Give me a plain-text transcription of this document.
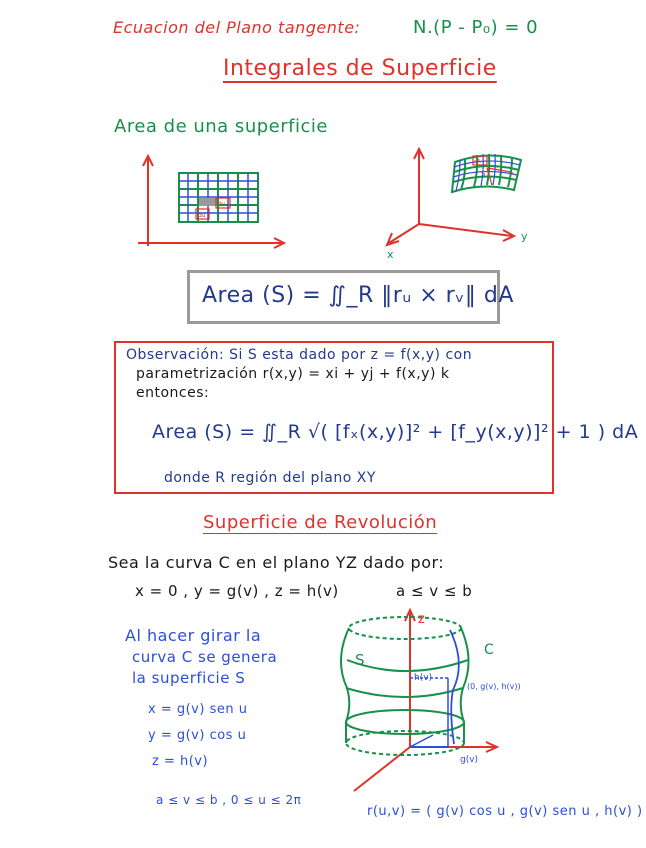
Ecuacion del Plano tangente:	N.(P - P₀) = 0
Integrales de Superficie
Area de una superficie
du
dv
x
y
dA
S	rᵤ
z
S
C
h(v)
(0, g(v), h(v))
g(v)
Area (S) = ∬_R ‖rᵤ × rᵥ‖ dA
Observación: Si S esta dado por z = f(x,y) con
parametrización r(x,y) = xi + yj + f(x,y) k
entonces:
Area (S) = ∬_R √( [fₓ(x,y)]² + [f_y(x,y)]² + 1 ) dA
donde R región del plano XY
Superficie de Revolución
Sea la curva C en el plano YZ dado por:
x = 0 , y = g(v) , z = h(v)	a ≤ v ≤ b
Al hacer girar la
curva C se genera
la superficie S
x = g(v) sen u
y = g(v) cos u
z = h(v)
a ≤ v ≤ b , 0 ≤ u ≤ 2π
r(u,v) = ( g(v) cos u , g(v) sen u , h(v) )
